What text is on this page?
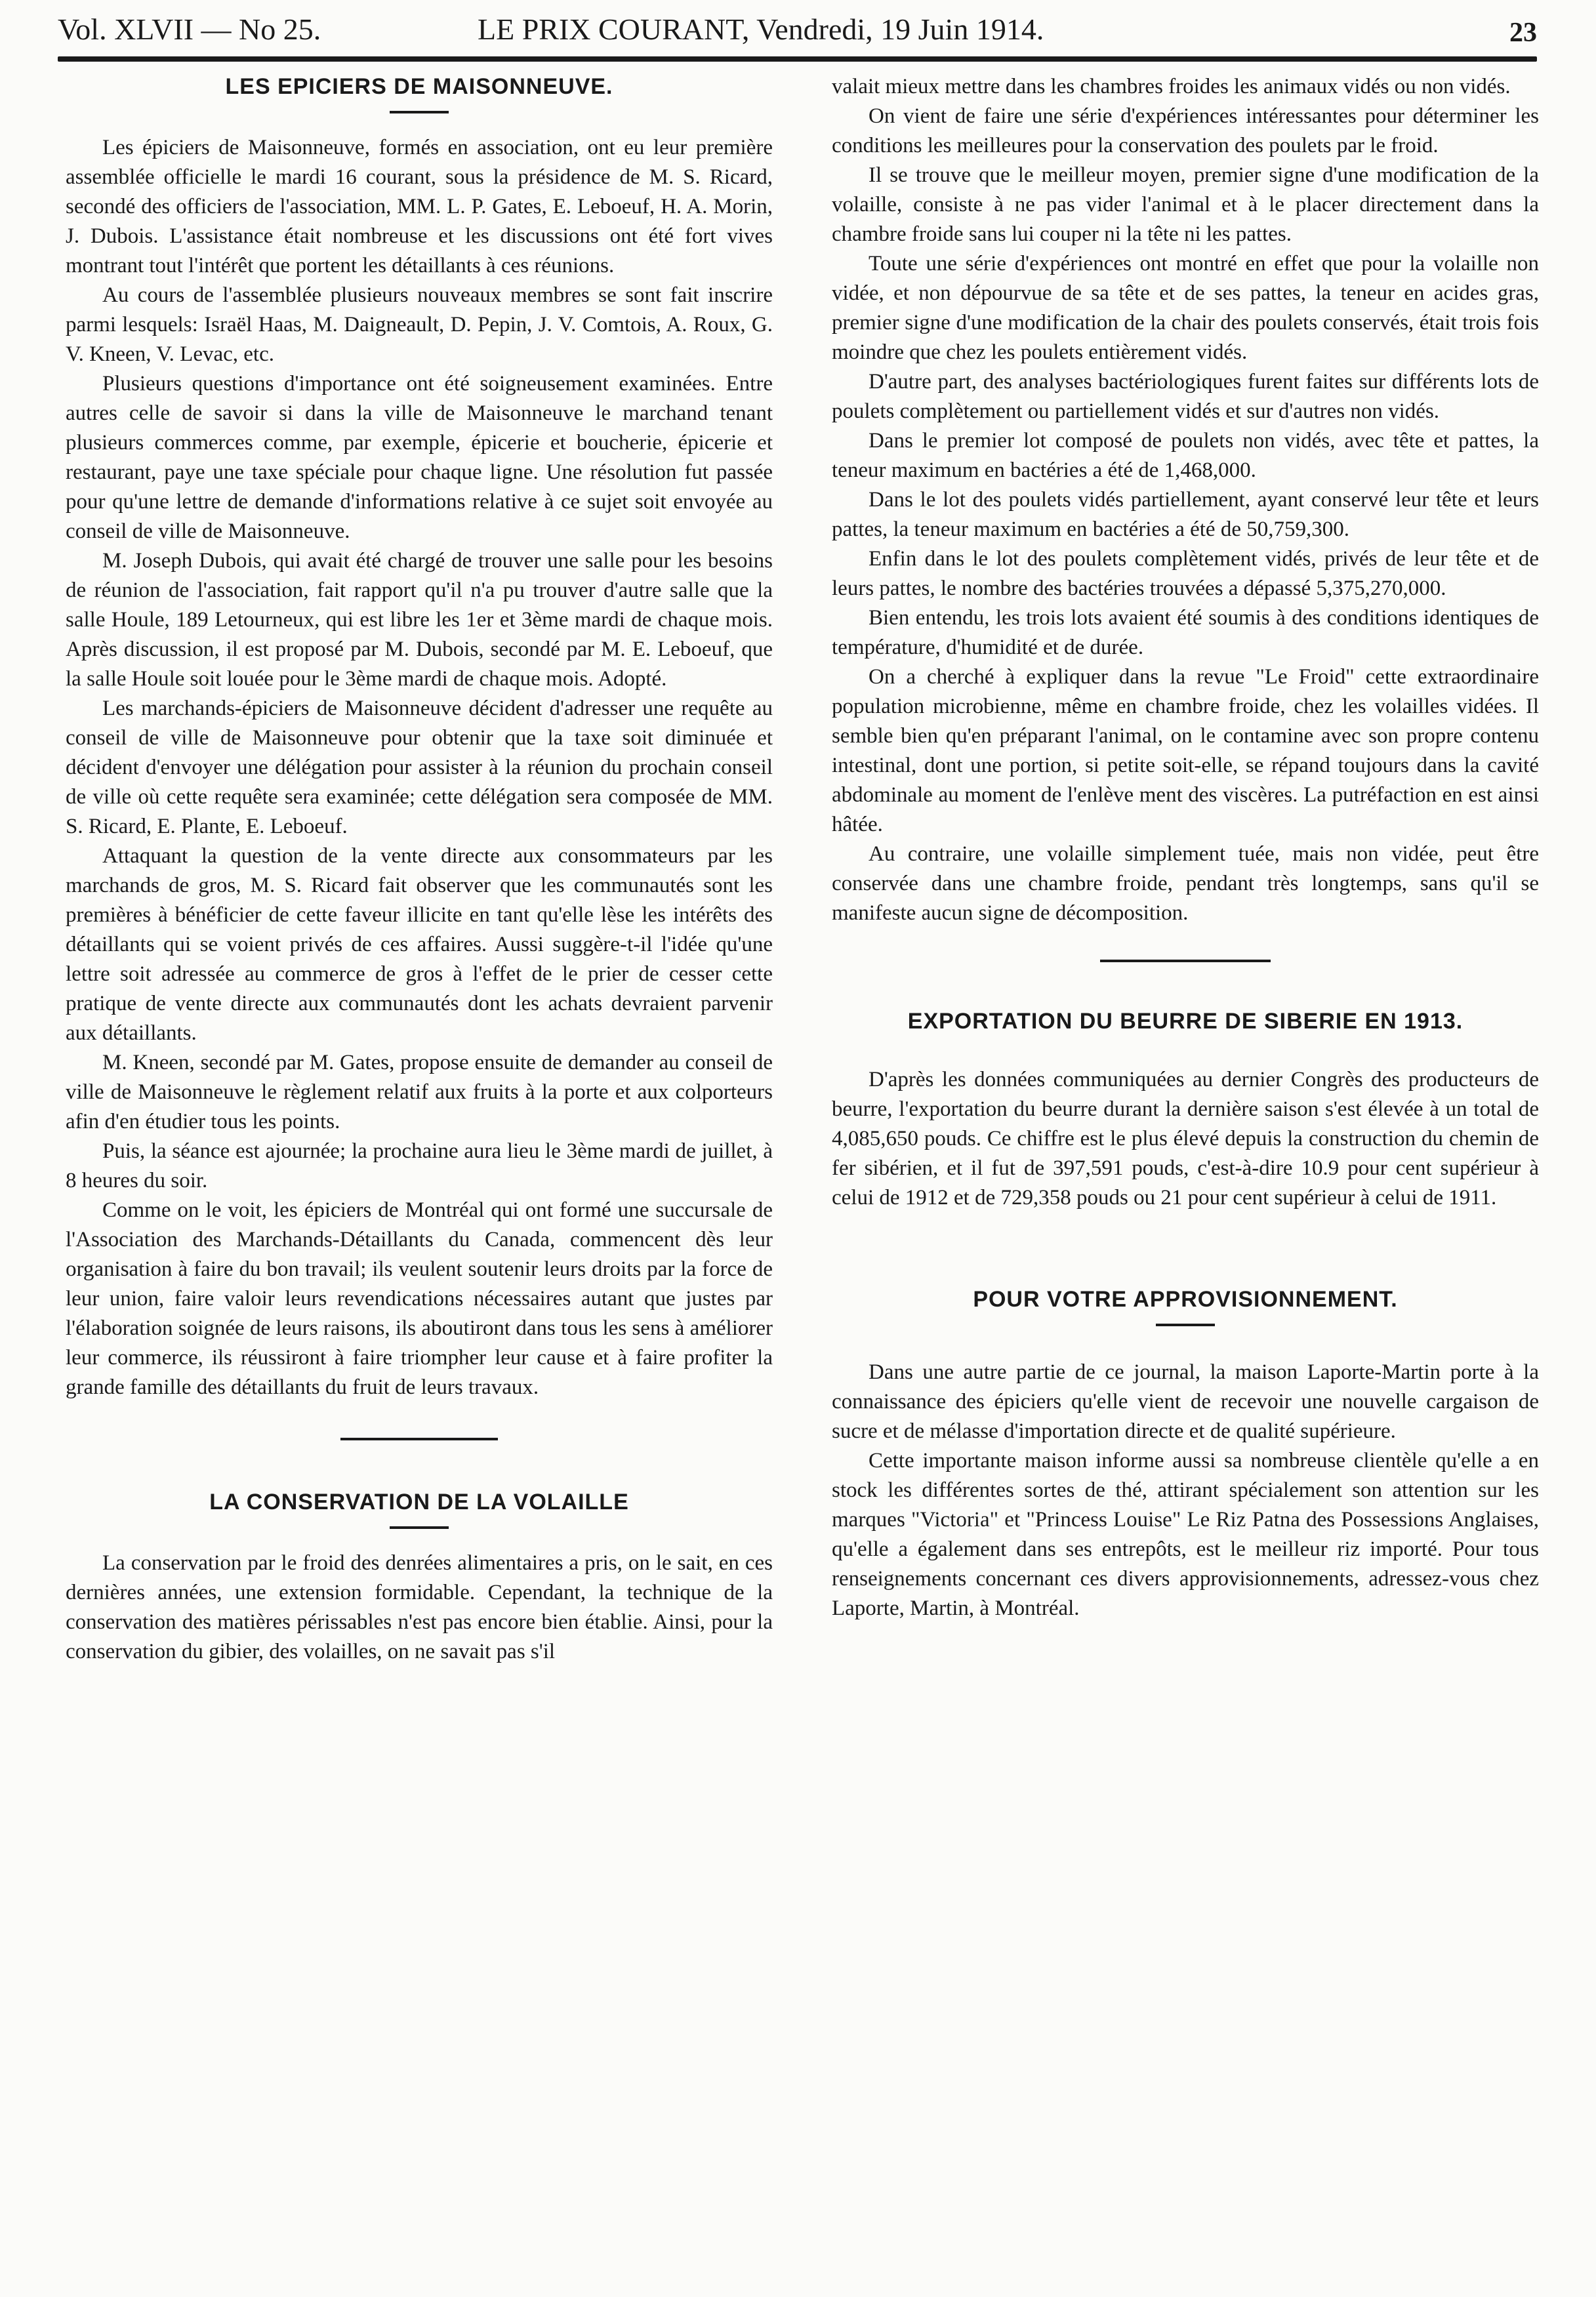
Vol. XLVII — No 25.	LE PRIX COURANT, Vendredi, 19 Juin 1914.	23
LES EPICIERS DE MAISONNEUVE.

Les épiciers de Maisonneuve, formés en association, ont eu leur première assemblée officielle le mardi 16 courant, sous la présidence de M. S. Ricard, secondé des officiers de l'association, MM. L. P. Gates, E. Leboeuf, H. A. Morin, J. Dubois. L'assistance était nombreuse et les discussions ont été fort vives montrant tout l'intérêt que portent les détaillants à ces réunions.

Au cours de l'assemblée plusieurs nouveaux membres se sont fait inscrire parmi lesquels: Israël Haas, M. Daigneault, D. Pepin, J. V. Comtois, A. Roux, G. V. Kneen, V. Levac, etc.

Plusieurs questions d'importance ont été soigneusement examinées. Entre autres celle de savoir si dans la ville de Maisonneuve le marchand tenant plusieurs commerces comme, par exemple, épicerie et boucherie, épicerie et restaurant, paye une taxe spéciale pour chaque ligne. Une résolution fut passée pour qu'une lettre de demande d'informations relative à ce sujet soit envoyée au conseil de ville de Maisonneuve.

M. Joseph Dubois, qui avait été chargé de trouver une salle pour les besoins de réunion de l'association, fait rapport qu'il n'a pu trouver d'autre salle que la salle Houle, 189 Letourneux, qui est libre les 1er et 3ème mardi de chaque mois. Après discussion, il est proposé par M. Dubois, secondé par M. E. Leboeuf, que la salle Houle soit louée pour le 3ème mardi de chaque mois. Adopté.

Les marchands-épiciers de Maisonneuve décident d'adresser une requête au conseil de ville de Maisonneuve pour obtenir que la taxe soit diminuée et décident d'envoyer une délégation pour assister à la réunion du prochain conseil de ville où cette requête sera examinée; cette délégation sera composée de MM. S. Ricard, E. Plante, E. Leboeuf.

Attaquant la question de la vente directe aux consommateurs par les marchands de gros, M. S. Ricard fait observer que les communautés sont les premières à bénéficier de cette faveur illicite en tant qu'elle lèse les intérêts des détaillants qui se voient privés de ces affaires. Aussi suggère-t-il l'idée qu'une lettre soit adressée au commerce de gros à l'effet de le prier de cesser cette pratique de vente directe aux communautés dont les achats devraient parvenir aux détaillants.

M. Kneen, secondé par M. Gates, propose ensuite de demander au conseil de ville de Maisonneuve le règlement relatif aux fruits à la porte et aux colporteurs afin d'en étudier tous les points.

Puis, la séance est ajournée; la prochaine aura lieu le 3ème mardi de juillet, à 8 heures du soir.

Comme on le voit, les épiciers de Montréal qui ont formé une succursale de l'Association des Marchands-Détaillants du Canada, commencent dès leur organisation à faire du bon travail; ils veulent soutenir leurs droits par la force de leur union, faire valoir leurs revendications nécessaires autant que justes par l'élaboration soignée de leurs raisons, ils aboutiront dans tous les sens à améliorer leur commerce, ils réussiront à faire triompher leur cause et à faire profiter la grande famille des détaillants du fruit de leurs travaux.

LA CONSERVATION DE LA VOLAILLE

La conservation par le froid des denrées alimentaires a pris, on le sait, en ces dernières années, une extension formidable. Cependant, la technique de la conservation des matières périssables n'est pas encore bien établie. Ainsi, pour la conservation du gibier, des volailles, on ne savait pas s'il

valait mieux mettre dans les chambres froides les animaux vidés ou non vidés.

On vient de faire une série d'expériences intéressantes pour déterminer les conditions les meilleures pour la conservation des poulets par le froid.

Il se trouve que le meilleur moyen, premier signe d'une modification de la volaille, consiste à ne pas vider l'animal et à le placer directement dans la chambre froide sans lui couper ni la tête ni les pattes.

Toute une série d'expériences ont montré en effet que pour la volaille non vidée, et non dépourvue de sa tête et de ses pattes, la teneur en acides gras, premier signe d'une modification de la chair des poulets conservés, était trois fois moindre que chez les poulets entièrement vidés.

D'autre part, des analyses bactériologiques furent faites sur différents lots de poulets complètement ou partiellement vidés et sur d'autres non vidés.

Dans le premier lot composé de poulets non vidés, avec tête et pattes, la teneur maximum en bactéries a été de 1,468,000.

Dans le lot des poulets vidés partiellement, ayant conservé leur tête et leurs pattes, la teneur maximum en bactéries a été de 50,759,300.

Enfin dans le lot des poulets complètement vidés, privés de leur tête et de leurs pattes, le nombre des bactéries trouvées a dépassé 5,375,270,000.

Bien entendu, les trois lots avaient été soumis à des conditions identiques de température, d'humidité et de durée.

On a cherché à expliquer dans la revue "Le Froid" cette extraordinaire population microbienne, même en chambre froide, chez les volailles vidées. Il semble bien qu'en préparant l'animal, on le contamine avec son propre contenu intestinal, dont une portion, si petite soit-elle, se répand toujours dans la cavité abdominale au moment de l'enlève ment des viscères. La putréfaction en est ainsi hâtée.

Au contraire, une volaille simplement tuée, mais non vidée, peut être conservée dans une chambre froide, pendant très longtemps, sans qu'il se manifeste aucun signe de décomposition.

EXPORTATION DU BEURRE DE SIBERIE EN 1913.

D'après les données communiquées au dernier Congrès des producteurs de beurre, l'exportation du beurre durant la dernière saison s'est élevée à un total de 4,085,650 pouds. Ce chiffre est le plus élevé depuis la construction du chemin de fer sibérien, et il fut de 397,591 pouds, c'est-à-dire 10.9 pour cent supérieur à celui de 1912 et de 729,358 pouds ou 21 pour cent supérieur à celui de 1911.

POUR VOTRE APPROVISIONNEMENT.

Dans une autre partie de ce journal, la maison Laporte-Martin porte à la connaissance des épiciers qu'elle vient de recevoir une nouvelle cargaison de sucre et de mélasse d'importation directe et de qualité supérieure.

Cette importante maison informe aussi sa nombreuse clientèle qu'elle a en stock les différentes sortes de thé, attirant spécialement son attention sur les marques "Victoria" et "Princess Louise" Le Riz Patna des Possessions Anglaises, qu'elle a également dans ses entrepôts, est le meilleur riz importé. Pour tous renseignements concernant ces divers approvisionnements, adressez-vous chez Laporte, Martin, à Montréal.
